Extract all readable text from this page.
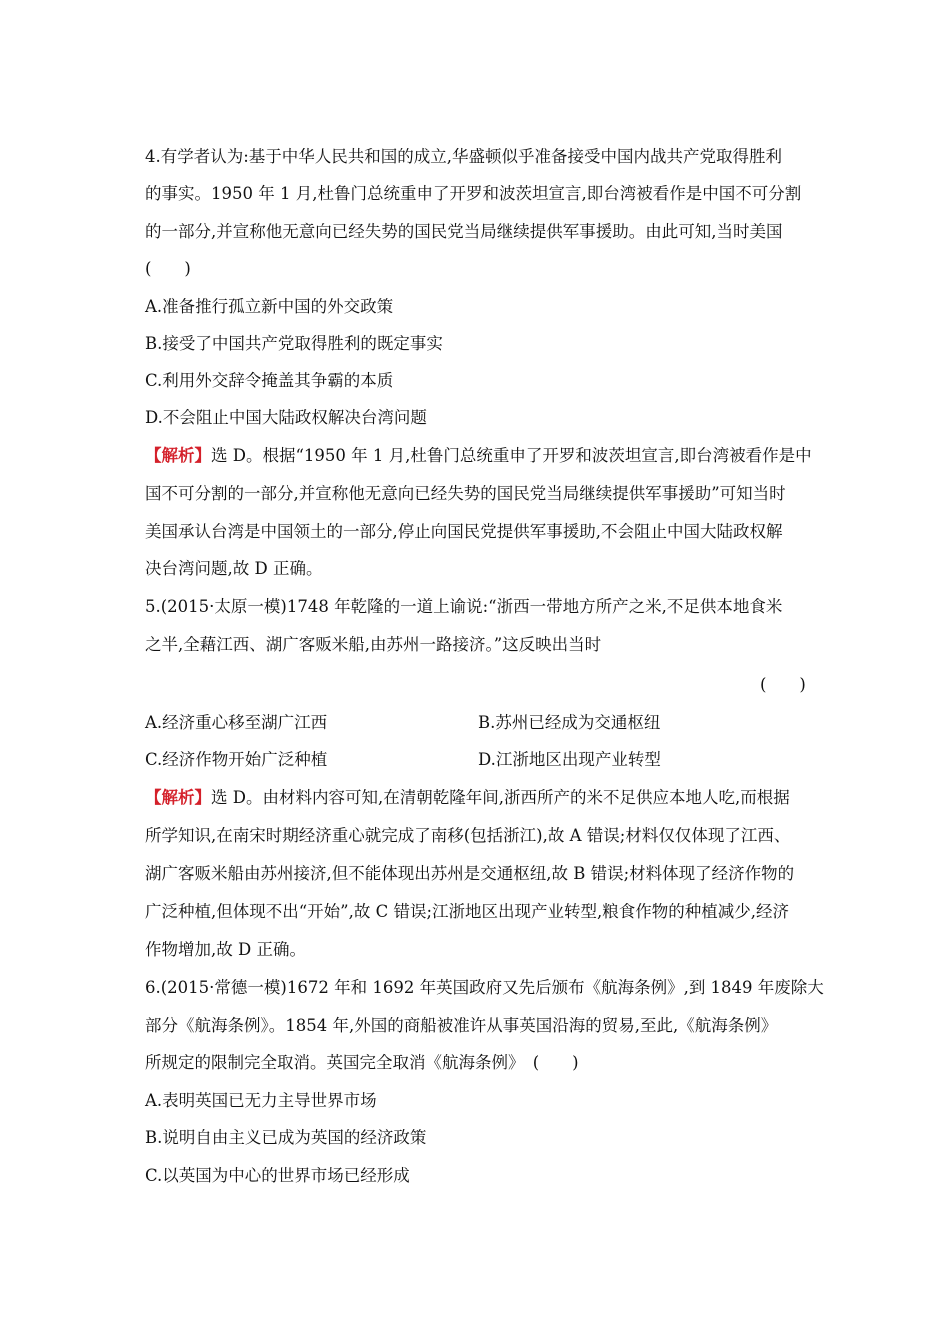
4.有学者认为:基于中华人民共和国的成立,华盛顿似乎准备接受中国内战共产党取得胜利
的事实。1950 年 1 月,杜鲁门总统重申了开罗和波茨坦宣言,即台湾被看作是中国不可分割
的一部分,并宣称他无意向已经失势的国民党当局继续提供军事援助。由此可知,当时美国
(　　)
A.准备推行孤立新中国的外交政策
B.接受了中国共产党取得胜利的既定事实
C.利用外交辞令掩盖其争霸的本质
D.不会阻止中国大陆政权解决台湾问题
【解析】选 D。根据“1950 年 1 月,杜鲁门总统重申了开罗和波茨坦宣言,即台湾被看作是中
国不可分割的一部分,并宣称他无意向已经失势的国民党当局继续提供军事援助”可知当时
美国承认台湾是中国领土的一部分,停止向国民党提供军事援助,不会阻止中国大陆政权解
决台湾问题,故 D 正确。
5.(2015·太原一模)1748 年乾隆的一道上谕说:“浙西一带地方所产之米,不足供本地食米
之半,全藉江西、湖广客贩米船,由苏州一路接济。”这反映出当时
(　　)
A.经济重心移至湖广江西	B.苏州已经成为交通枢纽
C.经济作物开始广泛种植	D.江浙地区出现产业转型
【解析】选 D。由材料内容可知,在清朝乾隆年间,浙西所产的米不足供应本地人吃,而根据
所学知识,在南宋时期经济重心就完成了南移(包括浙江),故 A 错误;材料仅仅体现了江西、
湖广客贩米船由苏州接济,但不能体现出苏州是交通枢纽,故 B 错误;材料体现了经济作物的
广泛种植,但体现不出“开始”,故 C 错误;江浙地区出现产业转型,粮食作物的种植减少,经济
作物增加,故 D 正确。
6.(2015·常德一模)1672 年和 1692 年英国政府又先后颁布《航海条例》,到 1849 年废除大
部分《航海条例》。1854 年,外国的商船被准许从事英国沿海的贸易,至此,《航海条例》
所规定的限制完全取消。英国完全取消《航海条例》　(　　)
A.表明英国已无力主导世界市场
B.说明自由主义已成为英国的经济政策
C.以英国为中心的世界市场已经形成
